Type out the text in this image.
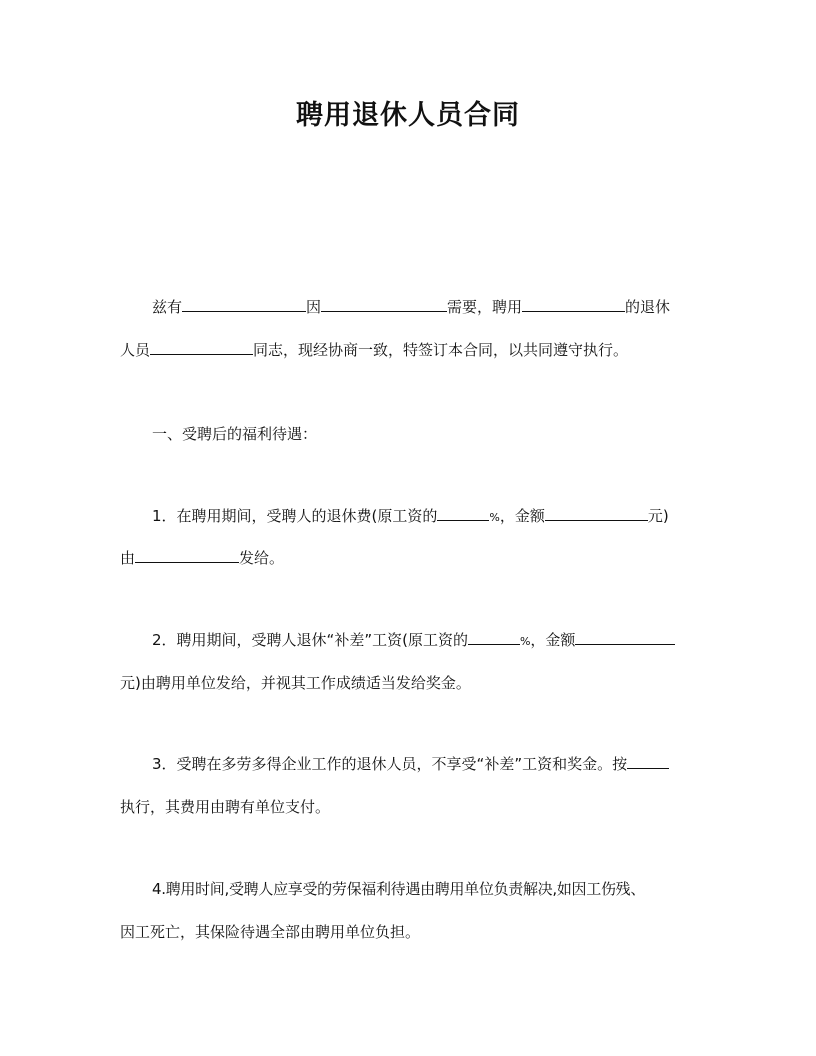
聘用退休人员合同
兹有	因	需要，聘用	的退休
人员	同志，现经协商一致，特签订本合同，以共同遵守执行。
一、受聘后的福利待遇：
1．在聘用期间，受聘人的退休费(原工资的	%，金额	元)
由	发给。
2．聘用期间，受聘人退休“补差”工资(原工资的	%，金额
元)由聘用单位发给，并视其工作成绩适当发给奖金。
3．受聘在多劳多得企业工作的退休人员，不享受“补差”工资和奖金。按
执行，其费用由聘有单位支付。
4.聘用时间,受聘人应享受的劳保福利待遇由聘用单位负责解决,如因工伤残、
因工死亡，其保险待遇全部由聘用单位负担。
